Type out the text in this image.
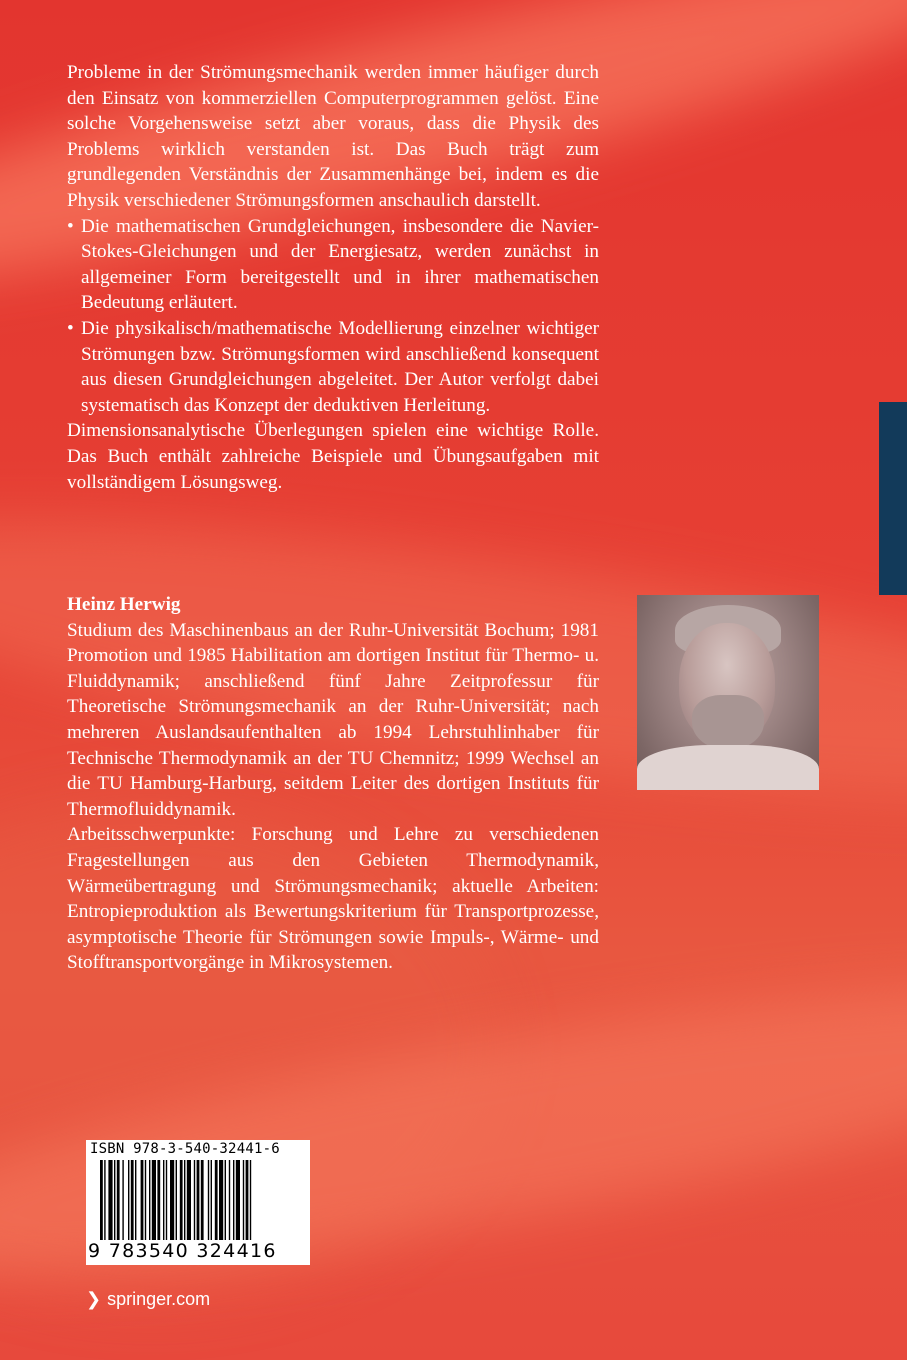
Probleme in der Strömungsmechanik werden immer häufiger durch den Einsatz von kommerziellen Computerprogrammen gelöst. Eine solche Vorgehensweise setzt aber voraus, dass die Physik des Problems wirklich verstanden ist. Das Buch trägt zum grundlegenden Verständnis der Zusammenhänge bei, indem es die Physik verschiedener Strömungsformen anschaulich darstellt.

• Die mathematischen Grundgleichungen, insbesondere die Navier-Stokes-Gleichungen und der Energiesatz, werden zunächst in allgemeiner Form bereitgestellt und in ihrer mathematischen Bedeutung erläutert.
• Die physikalisch/mathematische Modellierung einzelner wichtiger Strömungen bzw. Strömungsformen wird anschließend konsequent aus diesen Grundgleichungen abgeleitet. Der Autor verfolgt dabei systematisch das Konzept der deduktiven Herleitung.

Dimensionsanalytische Überlegungen spielen eine wichtige Rolle. Das Buch enthält zahlreiche Beispiele und Übungsaufgaben mit vollständigem Lösungsweg.

Heinz Herwig

Studium des Maschinenbaus an der Ruhr-Universität Bochum; 1981 Promotion und 1985 Habilitation am dortigen Institut für Thermo- u. Fluiddynamik; anschließend fünf Jahre Zeitprofessur für Theoretische Strömungsmechanik an der Ruhr-Universität; nach mehreren Auslandsaufenthalten ab 1994 Lehrstuhlinhaber für Technische Thermodynamik an der TU Chemnitz; 1999 Wechsel an die TU Hamburg-Harburg, seitdem Leiter des dortigen Instituts für Thermofluiddynamik.

Arbeitsschwerpunkte: Forschung und Lehre zu verschiedenen Fragestellungen aus den Gebieten Thermodynamik, Wärmeübertragung und Strömungsmechanik; aktuelle Arbeiten: Entropieproduktion als Bewertungskriterium für Transportprozesse, asymptotische Theorie für Strömungen sowie Impuls-, Wärme- und Stofftransportvorgänge in Mikrosystemen.

ISBN 978-3-540-32441-6
9 783540 324416
❯ springer.com
